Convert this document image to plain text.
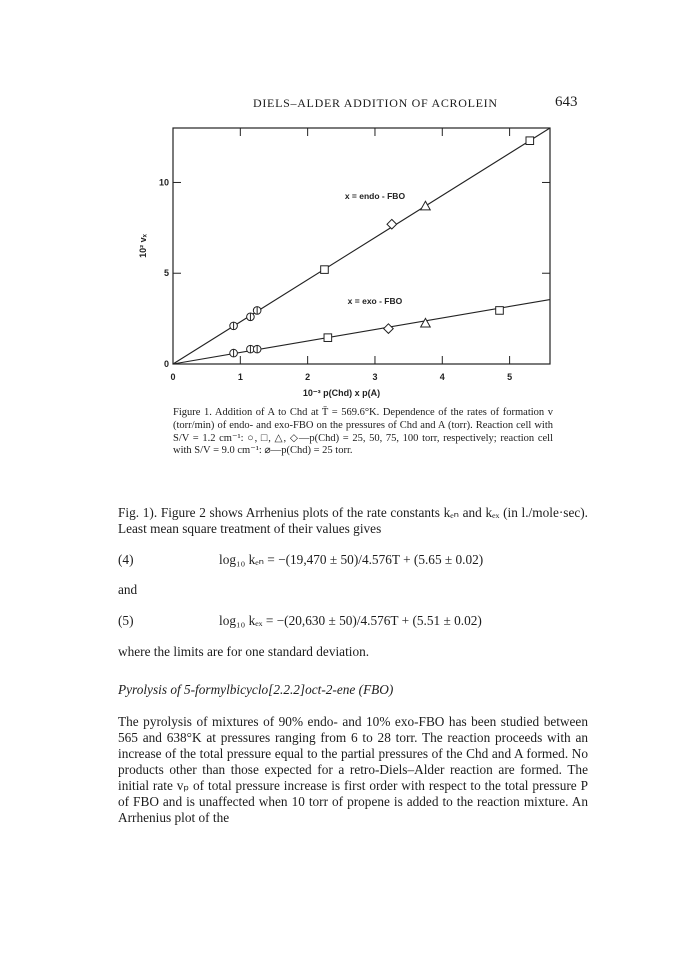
DIELS–ALDER ADDITION OF ACROLEIN	643
0	1	2	3	4	5
0
5
10
10⁻³ p(Chd) x p(A)
10² vₓ
x = endo - FBO
x = exo - FBO
Figure 1. Addition of A to Chd at T̄ = 569.6°K. Dependence of the rates of formation v (torr/min) of endo- and exo-FBO on the pressures of Chd and A (torr). Reaction cell with S/V = 1.2 cm⁻¹: ○, □, △, ◇—p(Chd) = 25, 50, 75, 100 torr, respectively; reaction cell with S/V = 9.0 cm⁻¹: ⌀—p(Chd) = 25 torr.
Fig. 1). Figure 2 shows Arrhenius plots of the rate constants kₑₙ and kₑₓ (in l./mole·sec). Least mean square treatment of their values gives
(4)	log₁₀ kₑₙ = −(19,470 ± 50)/4.576T + (5.65 ± 0.02)
and
(5)	log₁₀ kₑₓ = −(20,630 ± 50)/4.576T + (5.51 ± 0.02)
where the limits are for one standard deviation.
Pyrolysis of 5-formylbicyclo[2.2.2]oct-2-ene (FBO)
The pyrolysis of mixtures of 90% endo- and 10% exo-FBO has been studied between 565 and 638°K at pressures ranging from 6 to 28 torr. The reaction proceeds with an increase of the total pressure equal to the partial pressures of the Chd and A formed. No products other than those expected for a retro-Diels–Alder reaction are formed. The initial rate vₚ of total pressure increase is first order with respect to the total pressure P of FBO and is unaffected when 10 torr of propene is added to the reaction mixture. An Arrhenius plot of the
